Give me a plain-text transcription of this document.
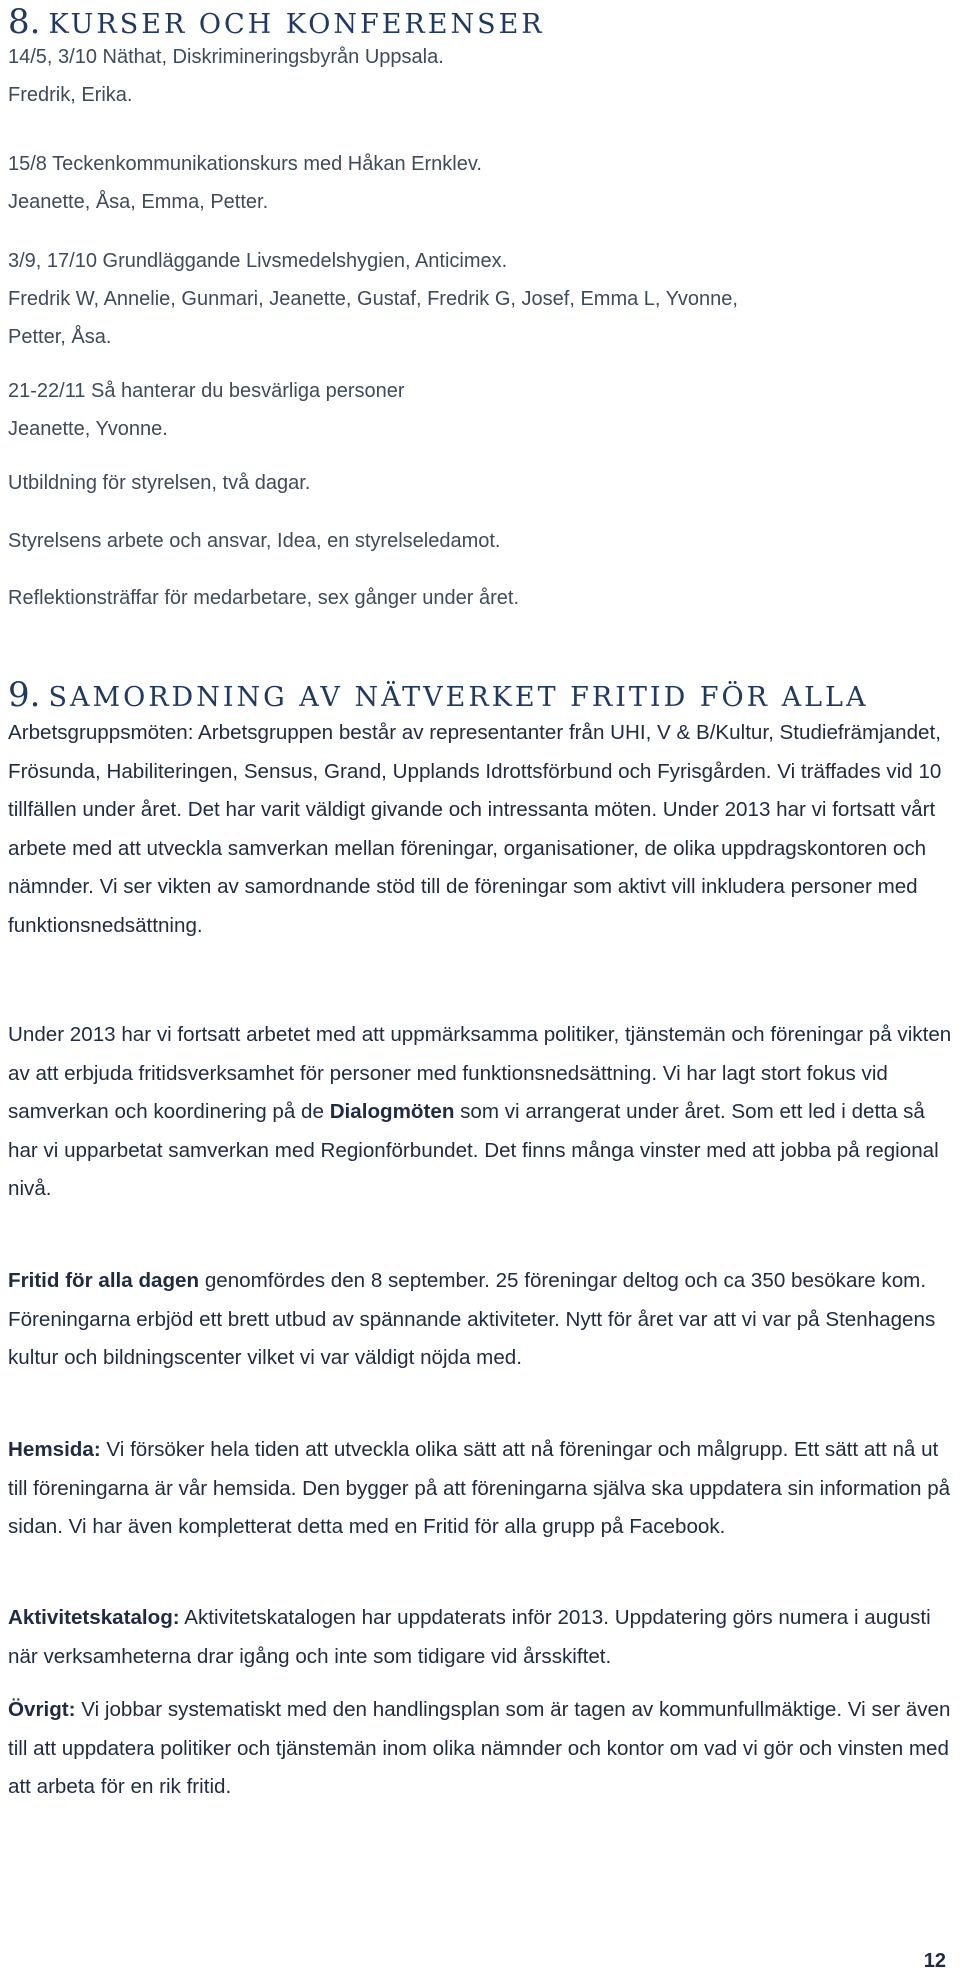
8. KURSER OCH KONFERENSER
14/5, 3/10 Näthat, Diskrimineringsbyrån Uppsala.
Fredrik, Erika.
15/8 Teckenkommunikationskurs med Håkan Ernklev.
Jeanette, Åsa, Emma, Petter.
3/9, 17/10 Grundläggande Livsmedelshygien, Anticimex.
Fredrik W, Annelie, Gunmari, Jeanette, Gustaf, Fredrik G, Josef, Emma L, Yvonne,
Petter, Åsa.
21-22/11 Så hanterar du besvärliga personer
Jeanette, Yvonne.
Utbildning för styrelsen, två dagar.
Styrelsens arbete och ansvar, Idea, en styrelseledamot.
Reflektionsträffar för medarbetare, sex gånger under året.
9. SAMORDNING AV NÄTVERKET FRITID FÖR ALLA

Arbetsgruppsmöten: Arbetsgruppen består av representanter från UHI, V & B/Kultur, Studiefrämjandet, Frösunda, Habiliteringen, Sensus, Grand, Upplands Idrottsförbund och Fyrisgården. Vi träffades vid 10 tillfällen under året. Det har varit väldigt givande och intressanta möten. Under 2013 har vi fortsatt vårt arbete med att utveckla samverkan mellan föreningar, organisationer, de olika uppdragskontoren och nämnder. Vi ser vikten av samordnande stöd till de föreningar som aktivt vill inkludera personer med funktionsnedsättning.

Under 2013 har vi fortsatt arbetet med att uppmärksamma politiker, tjänstemän och föreningar på vikten av att erbjuda fritidsverksamhet för personer med funktionsnedsättning. Vi har lagt stort fokus vid samverkan och koordinering på de Dialogmöten som vi arrangerat under året. Som ett led i detta så har vi upparbetat samverkan med Regionförbundet. Det finns många vinster med att jobba på regional nivå.

Fritid för alla dagen genomfördes den 8 september. 25 föreningar deltog och ca 350 besökare kom. Föreningarna erbjöd ett brett utbud av spännande aktiviteter. Nytt för året var att vi var på Stenhagens kultur och bildningscenter vilket vi var väldigt nöjda med.

Hemsida: Vi försöker hela tiden att utveckla olika sätt att nå föreningar och målgrupp. Ett sätt att nå ut till föreningarna är vår hemsida. Den bygger på att föreningarna själva ska uppdatera sin information på sidan. Vi har även kompletterat detta med en Fritid för alla grupp på Facebook.

Aktivitetskatalog: Aktivitetskatalogen har uppdaterats inför 2013. Uppdatering görs numera i augusti när verksamheterna drar igång och inte som tidigare vid årsskiftet.

Övrigt: Vi jobbar systematiskt med den handlingsplan som är tagen av kommunfullmäktige. Vi ser även till att uppdatera politiker och tjänstemän inom olika nämnder och kontor om vad vi gör och vinsten med att arbeta för en rik fritid.

12
